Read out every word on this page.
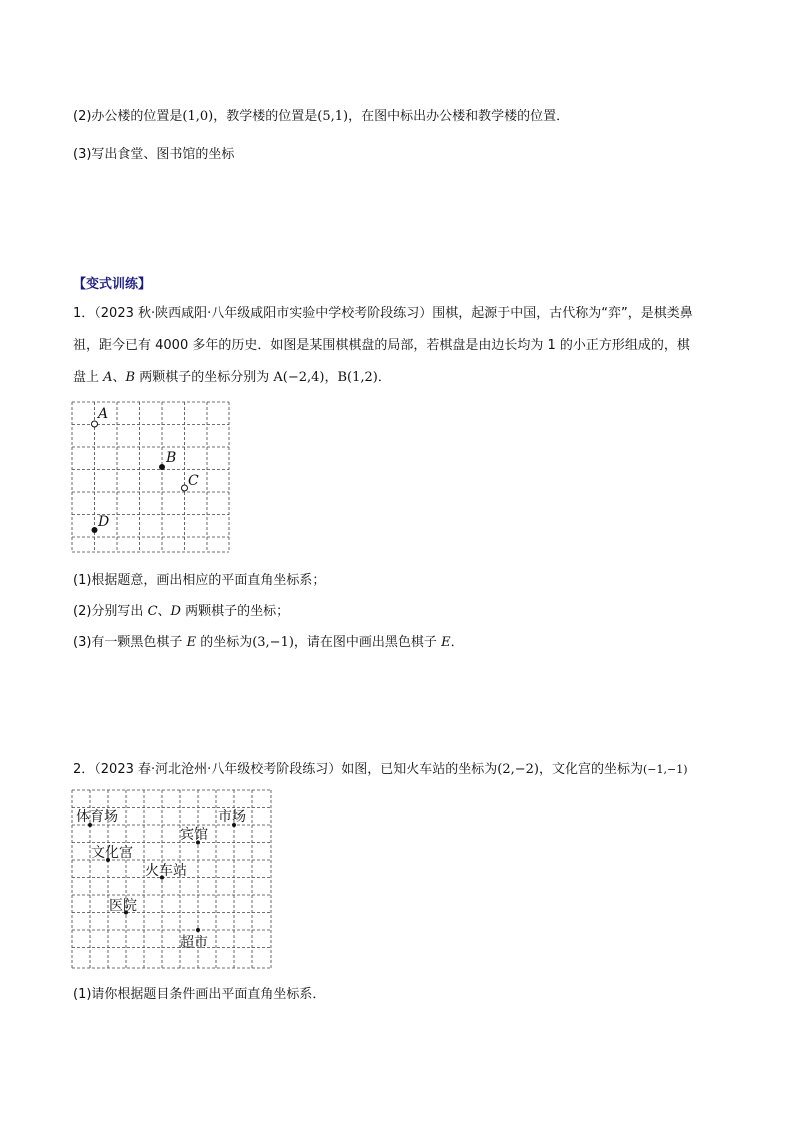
(2)办公楼的位置是(1,0)，教学楼的位置是(5,1)，在图中标出办公楼和教学楼的位置．
(3)写出食堂、图书馆的坐标
【变式训练】
1．（2023 秋·陕西咸阳·八年级咸阳市实验中学校考阶段练习）围棋，起源于中国，古代称为“弈”，是棋类鼻
祖，距今已有 4000 多年的历史．如图是某围棋棋盘的局部，若棋盘是由边长均为 1 的小正方形组成的，棋
盘上 A、B 两颗棋子的坐标分别为 A(−2,4)，B(1,2)．
A
B
C
D
(1)根据题意，画出相应的平面直角坐标系；
(2)分别写出 C、D 两颗棋子的坐标；
(3)有一颗黑色棋子 E 的坐标为(3,−1)，请在图中画出黑色棋子 E．
2．（2023 春·河北沧州·八年级校考阶段练习）如图，已知火车站的坐标为(2,−2)，文化宫的坐标为(−1,−1)
体育场	市场
宾馆
文化宫
火车站
医院
超市
(1)请你根据题目条件画出平面直角坐标系．
